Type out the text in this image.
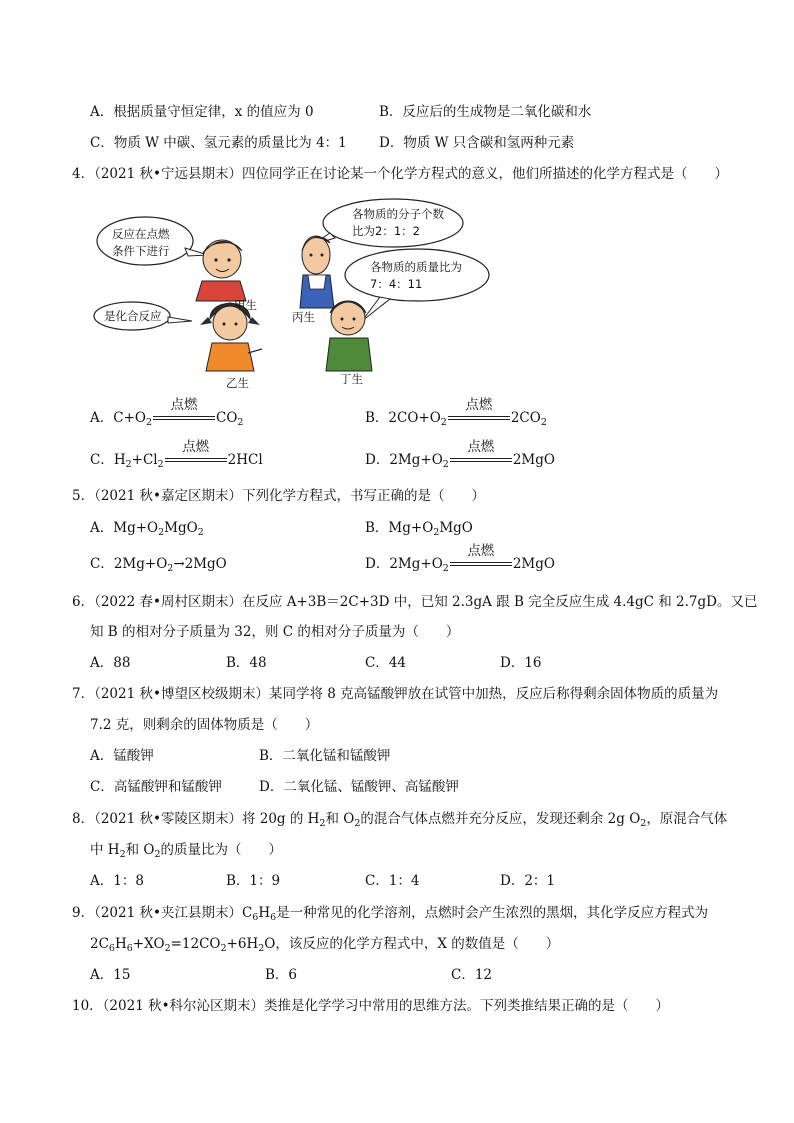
A．根据质量守恒定律，x 的值应为 0	B．反应后的生成物是二氧化碳和水
C．物质 W 中碳、氢元素的质量比为 4：1 D．物质 W 只含碳和氢两种元素
4．（2021 秋•宁远县期末）四位同学正在讨论某一个化学方程式的意义，他们所描述的化学方程式是（　　）
反应在点燃
条件下进行
是化合反应
各物质的分子个数
比为2：1：2
各物质的质量比为
7：4：11
甲生
丙生
乙生	丁生
A．$C+O_2$
点燃
$CO_2$	B．$2CO+O_2$
点燃
$2CO_2$
C．$H_2+Cl_2$
点燃
2HCl	D．$2Mg+O_2$
点燃
2MgO
5．（2021 秋•嘉定区期末）下列化学方程式，书写正确的是（　　）
A．$Mg+O_2MgO_2$	B．$Mg+O_2MgO$
C．$2Mg+O_2\to 2MgO$	D．$2Mg+O_2$
点燃
2MgO
6．（2022 春•周村区期末）在反应 A+3B＝2C+3D 中，已知 2.3gA 跟 B 完全反应生成 4.4gC 和 2.7gD。又已
知 B 的相对分子质量为 32，则 C 的相对分子质量为（　　）
A．88	B．48	C．44	D．16
7．（2021 秋•博望区校级期末）某同学将 8 克高锰酸钾放在试管中加热，反应后称得剩余固体物质的质量为
7.2 克，则剩余的固体物质是（　　）
A．锰酸钾	B．二氧化锰和锰酸钾
C．高锰酸钾和锰酸钾	D．二氧化锰、锰酸钾、高锰酸钾
8．（2021 秋•零陵区期末）将 20g 的 $H_2$和 $O_2$的混合气体点燃并充分反应，发现还剩余 2g $O_2$，原混合气体
中 $H_2$和 $O_2$的质量比为（　　）
A．1：8	B．1：9	C．1：4	D．2：1
9．（2021 秋•夹江县期末）$C_6H_6$是一种常见的化学溶剂，点燃时会产生浓烈的黑烟，其化学反应方程式为
$2C_6H_6+XO_2=12CO_2+6H_2O$，该反应的化学方程式中，X 的数值是（　　）
A．15	B．6	C．12
10．（2021 秋•科尔沁区期末）类推是化学学习中常用的思维方法。下列类推结果正确的是（　　）
